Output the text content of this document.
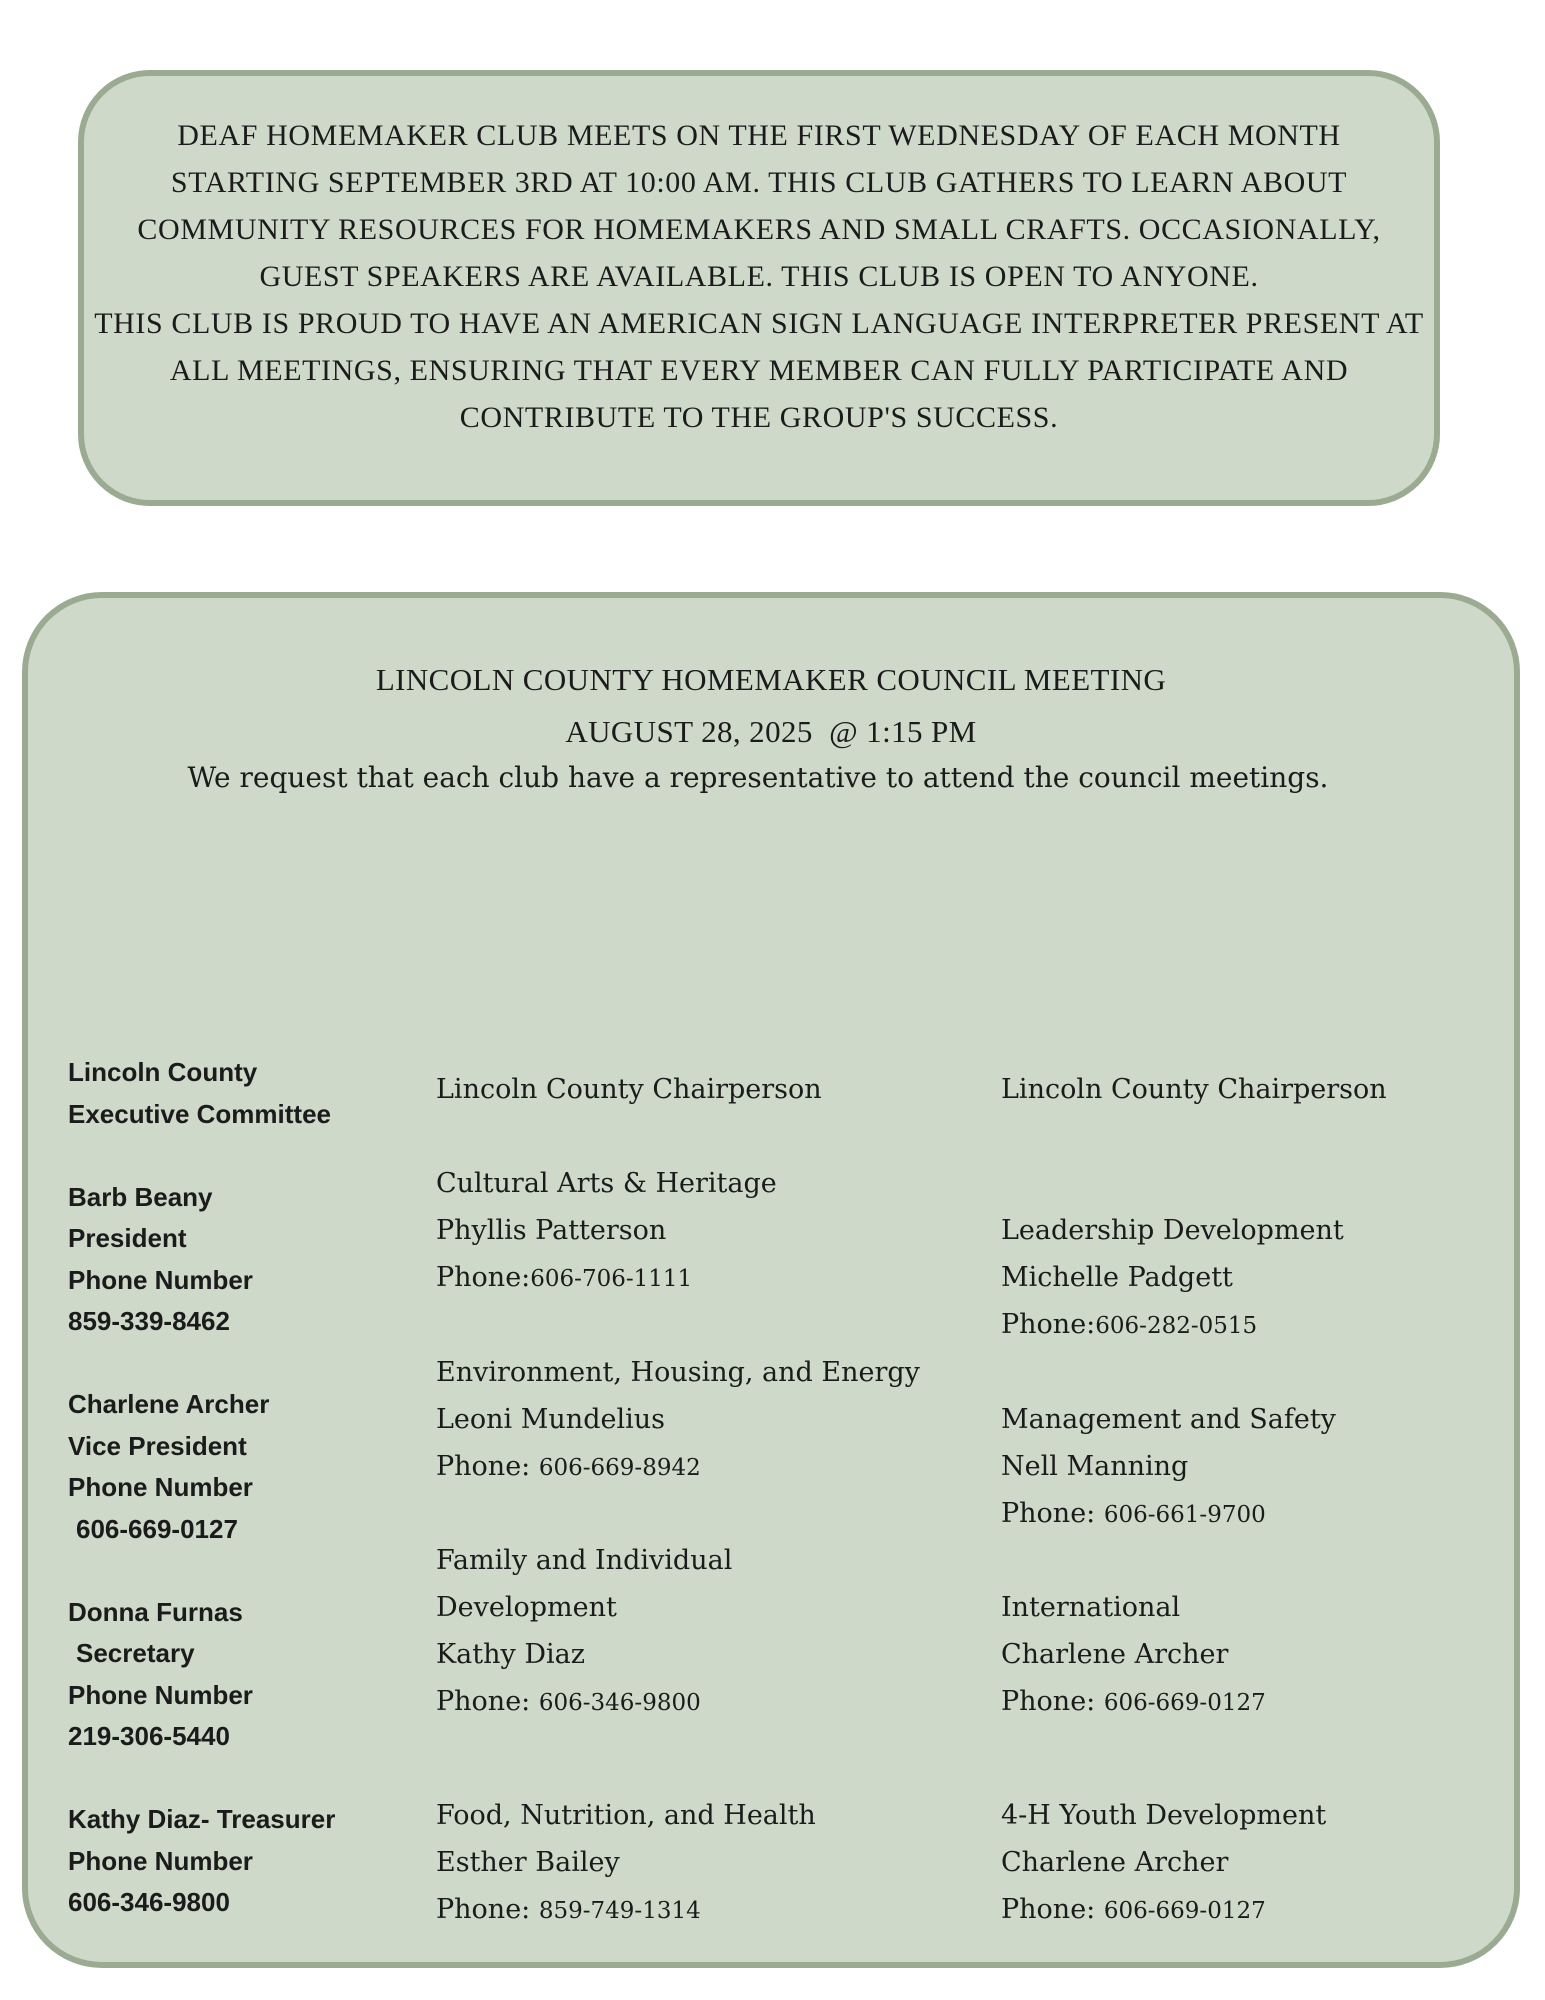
DEAF HOMEMAKER CLUB MEETS ON THE FIRST WEDNESDAY OF EACH MONTH STARTING SEPTEMBER 3RD AT 10:00 AM. THIS CLUB GATHERS TO LEARN ABOUT COMMUNITY RESOURCES FOR HOMEMAKERS AND SMALL CRAFTS. OCCASIONALLY, GUEST SPEAKERS ARE AVAILABLE. THIS CLUB IS OPEN TO ANYONE.

THIS CLUB IS PROUD TO HAVE AN AMERICAN SIGN LANGUAGE INTERPRETER PRESENT AT ALL MEETINGS, ENSURING THAT EVERY MEMBER CAN FULLY PARTICIPATE AND CONTRIBUTE TO THE GROUP'S SUCCESS.

LINCOLN COUNTY HOMEMAKER COUNCIL MEETING
AUGUST 28, 2025  @ 1:15 PM
We request that each club have a representative to attend the council meetings.
Lincoln County
Executive Committee
Barb Beany
President
Phone Number
859-339-8462
Charlene Archer
Vice President
Phone Number
606-669-0127
Donna Furnas
Secretary
Phone Number
219-306-5440
Kathy Diaz- Treasurer
Phone Number
606-346-9800
Lincoln County Chairperson
Cultural Arts & Heritage
Phyllis Patterson
Phone:606-706-1111
Environment, Housing, and Energy
Leoni Mundelius
Phone: 606-669-8942
Family and Individual
Development
Kathy Diaz
Phone: 606-346-9800
Food, Nutrition, and Health
Esther Bailey
Phone: 859-749-1314
Lincoln County Chairperson
Leadership Development
Michelle Padgett
Phone:606-282-0515
Management and Safety
Nell Manning
Phone: 606-661-9700
International
Charlene Archer
Phone: 606-669-0127
4-H Youth Development
Charlene Archer
Phone: 606-669-0127
